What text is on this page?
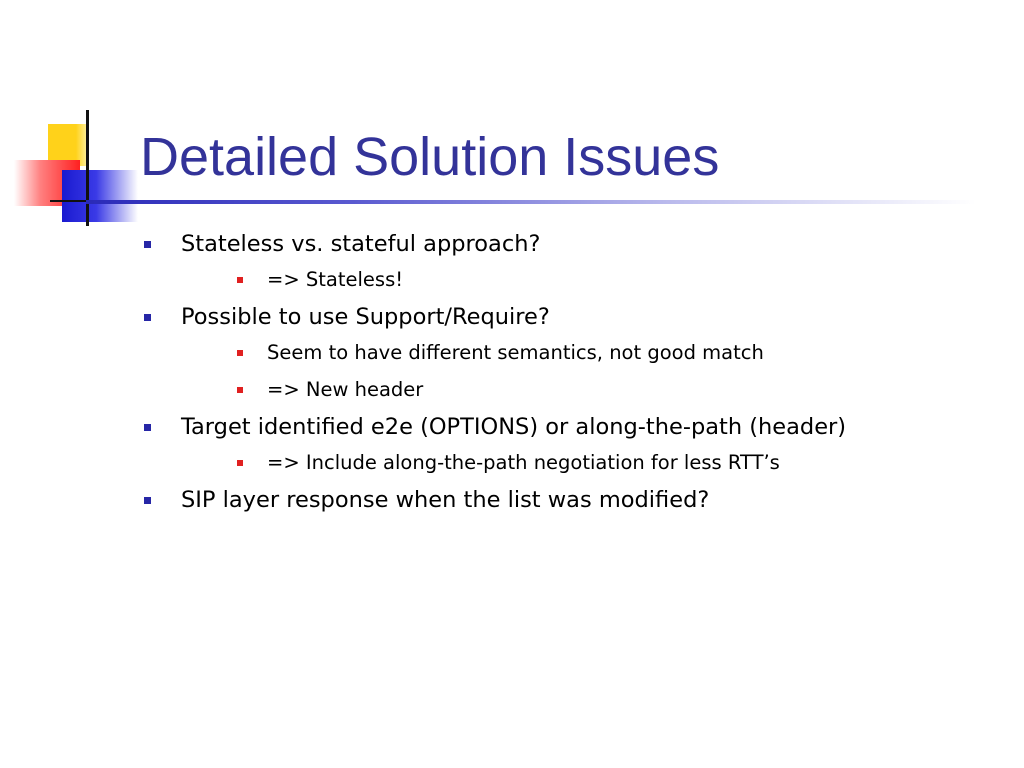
Detailed Solution Issues
Stateless vs. stateful approach?
=> Stateless!
Possible to use Support/Require?
Seem to have different semantics, not good match
=> New header
Target identified e2e (OPTIONS) or along-the-path (header)
=> Include along-the-path negotiation for less RTT’s
SIP layer response when the list was modified?
